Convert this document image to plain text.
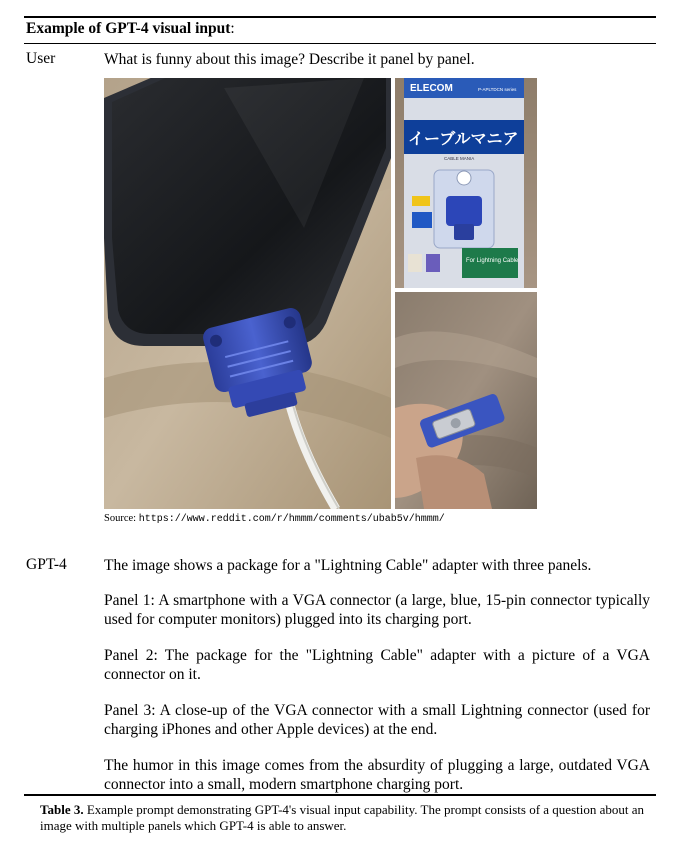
Example of GPT-4 visual input:
User	What is funny about this image? Describe it panel by panel.
ELECOM	P-APLTDCN series
イーブルマニア
CABLE MANIA
For Lightning Cable
Source: https://www.reddit.com/r/hmmm/comments/ubab5v/hmmm/
GPT-4 The image shows a package for a "Lightning Cable" adapter with three panels.
Panel 1: A smartphone with a VGA connector (a large, blue, 15-pin connector typically used for computer monitors) plugged into its charging port.
Panel 2: The package for the "Lightning Cable" adapter with a picture of a VGA connector on it.
Panel 3: A close-up of the VGA connector with a small Lightning connector (used for charging iPhones and other Apple devices) at the end.
The humor in this image comes from the absurdity of plugging a large, outdated VGA connector into a small, modern smartphone charging port.
Table 3. Example prompt demonstrating GPT-4's visual input capability. The prompt consists of a question about an image with multiple panels which GPT-4 is able to answer.
